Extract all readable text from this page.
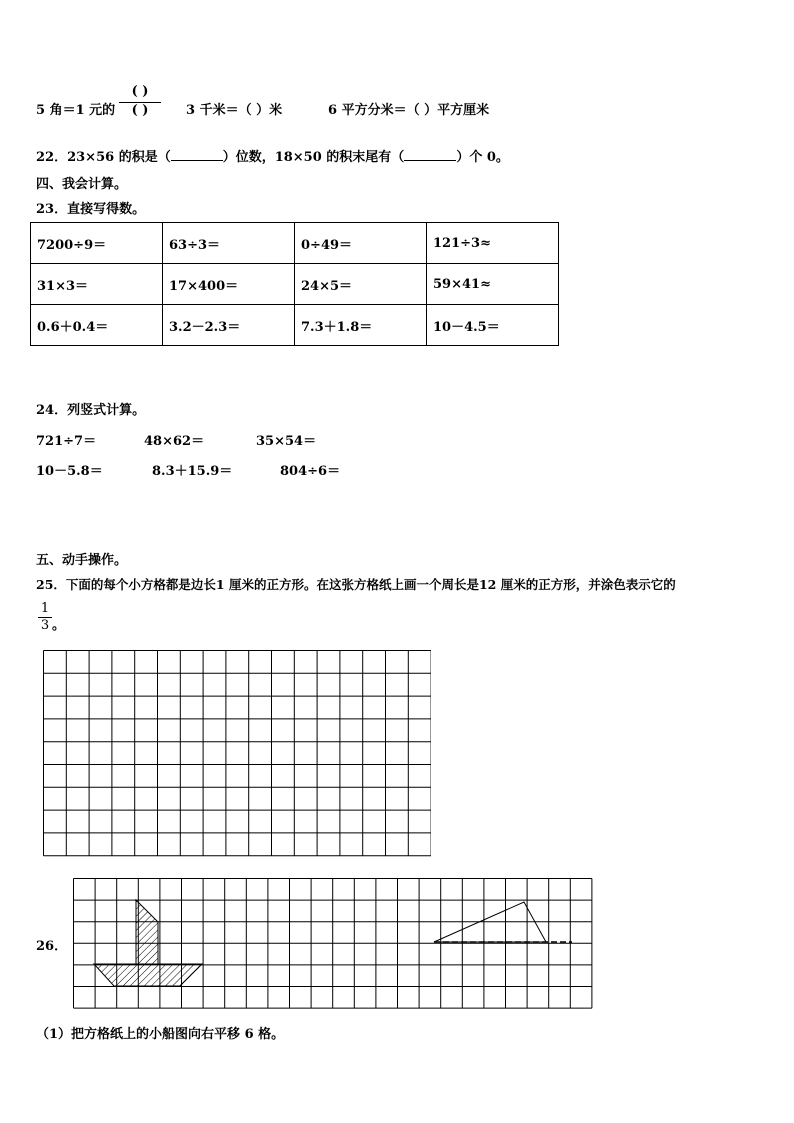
5 角＝1 元的
( )
( )	3 千米＝（ ）米	6 平方分米＝（ ）平方厘米
22．23×56 的积是（	）位数，18×50 的积末尾有（	）个 0。
四、我会计算。
23．直接写得数。
7200÷9＝	63÷3＝	0÷49＝	121÷3≈
31×3＝	17×400＝	24×5＝	59×41≈
0.6＋0.4＝	3.2－2.3＝	7.3＋1.8＝	10－4.5＝
24．列竖式计算。
721÷7＝	48×62＝	35×54＝
10－5.8＝	8.3＋15.9＝	804÷6＝
五、动手操作。
25．下面的每个小方格都是边长1 厘米的正方形。在这张方格纸上画一个周长是12 厘米的正方形，并涂色表示它的
1
3 。
26．
（1）把方格纸上的小船图向右平移 6 格。
